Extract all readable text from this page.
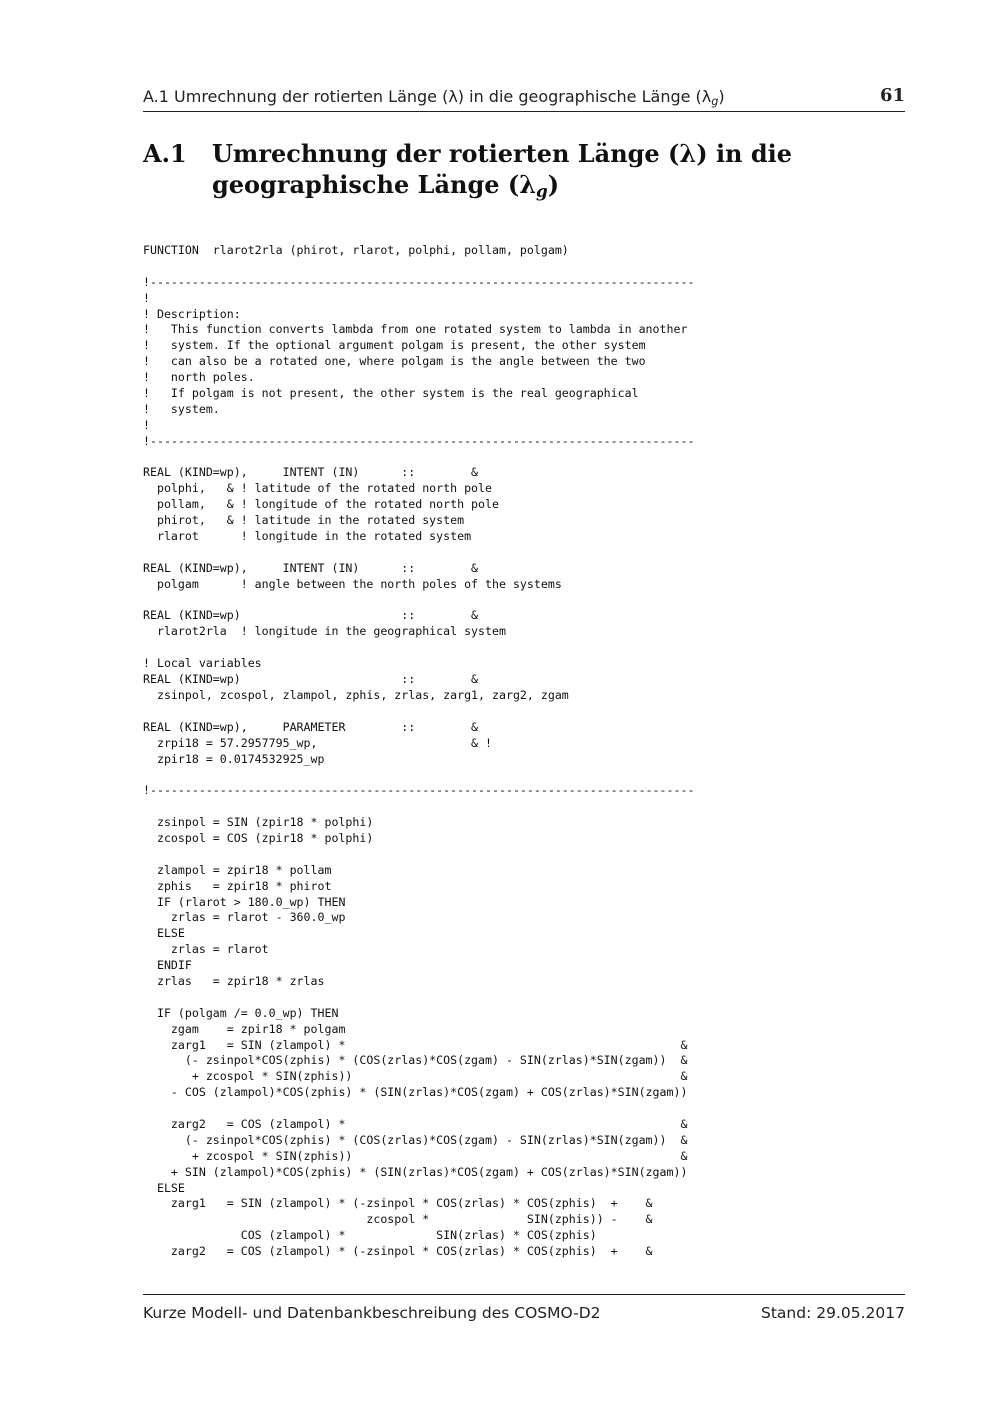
A.1 Umrechnung der rotierten Länge (λ) in die geographische Länge $(\lambda_g)$	61
A.1 Umrechnung der rotierten Länge (λ) in die geographische Länge $(\lambda_g)$
FUNCTION  rlarot2rla (phirot, rlarot, polphi, pollam, polgam)
!------------------------------------------------------------------------------
!
! Description:
!   This function converts lambda from one rotated system to lambda in another
!   system. If the optional argument polgam is present, the other system
!   can also be a rotated one, where polgam is the angle between the two
!   north poles.
!   If polgam is not present, the other system is the real geographical
!   system.
!
!------------------------------------------------------------------------------
REAL (KIND=wp),     INTENT (IN)      ::        &
polphi,   & ! latitude of the rotated north pole
pollam,   & ! longitude of the rotated north pole
phirot,   & ! latitude in the rotated system
rlarot      ! longitude in the rotated system
REAL (KIND=wp),     INTENT (IN)      ::        &
polgam      ! angle between the north poles of the systems
REAL (KIND=wp)                       ::        &
rlarot2rla  ! longitude in the geographical system
! Local variables
REAL (KIND=wp)                       ::        &
zsinpol, zcospol, zlampol, zphis, zrlas, zarg1, zarg2, zgam
REAL (KIND=wp),     PARAMETER        ::        &
zrpi18 = 57.2957795_wp,                      & !
zpir18 = 0.0174532925_wp
!------------------------------------------------------------------------------
zsinpol = SIN (zpir18 * polphi)
zcospol = COS (zpir18 * polphi)
zlampol = zpir18 * pollam
zphis   = zpir18 * phirot
IF (rlarot > 180.0_wp) THEN
zrlas = rlarot - 360.0_wp
ELSE
zrlas = rlarot
ENDIF
zrlas   = zpir18 * zrlas
IF (polgam /= 0.0_wp) THEN
zgam    = zpir18 * polgam
zarg1   = SIN (zlampol) *                                                &
(- zsinpol*COS(zphis) * (COS(zrlas)*COS(zgam) - SIN(zrlas)*SIN(zgam))  &
+ zcospol * SIN(zphis))                                               &
- COS (zlampol)*COS(zphis) * (SIN(zrlas)*COS(zgam) + COS(zrlas)*SIN(zgam))
zarg2   = COS (zlampol) *                                                &
(- zsinpol*COS(zphis) * (COS(zrlas)*COS(zgam) - SIN(zrlas)*SIN(zgam))  &
+ zcospol * SIN(zphis))                                               &
+ SIN (zlampol)*COS(zphis) * (SIN(zrlas)*COS(zgam) + COS(zrlas)*SIN(zgam))
ELSE
zarg1   = SIN (zlampol) * (-zsinpol * COS(zrlas) * COS(zphis)  +    &
zcospol *              SIN(zphis)) -    &
COS (zlampol) *             SIN(zrlas) * COS(zphis)
zarg2   = COS (zlampol) * (-zsinpol * COS(zrlas) * COS(zphis)  +    &
Kurze Modell- und Datenbankbeschreibung des COSMO-D2	Stand: 29.05.2017
